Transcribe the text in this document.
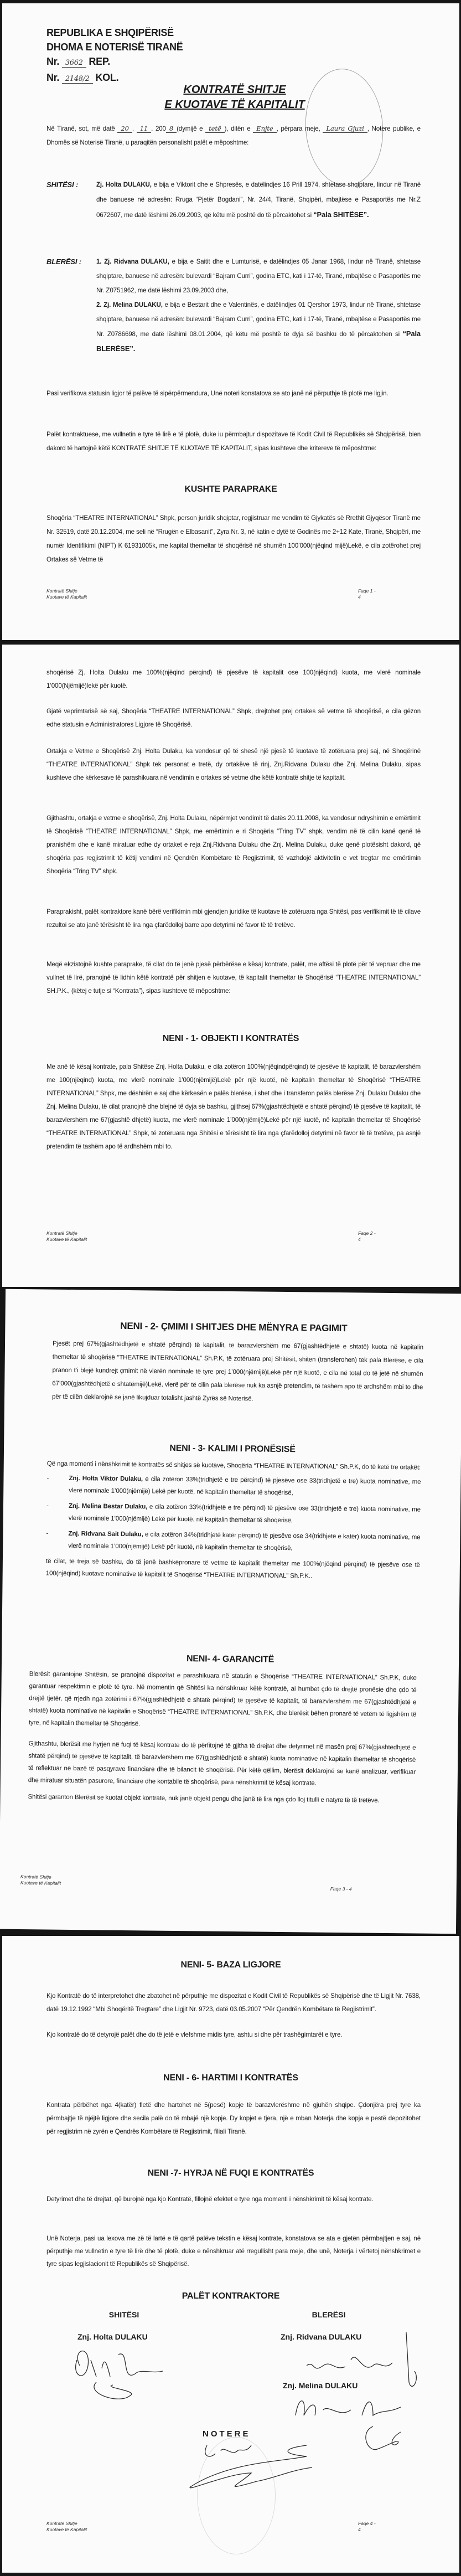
REPUBLIKA E SHQIPËRISË
DHOMA E NOTERISË TIRANË
Nr. 3662 REP.
Nr. 2148/2 KOL.
KONTRATË SHITJE
E KUOTAVE TË KAPITALIT
Në Tiranë, sot, më datë 20 . 11 . 200 8 (dymijë e tetë ), ditën e Enjte , përpara meje, Laura Gjuzi , Notere publike, e Dhomës së Noterisë Tiranë, u paraqitën personalisht palët e mëposhtme:
SHITËSI :	Zj. Holta DULAKU, e bija e Viktorit dhe e Shpresës, e datëlindjes 16 Prill 1974, shtetase shqiptare, lindur në Tiranë dhe banuese në adresën: Rruga “Pjetër Bogdani”, Nr. 24/4, Tiranë, Shqipëri, mbajtëse e Pasaportës me Nr.Z 0672607, me datë lëshimi 26.09.2003, që këtu më poshtë do të përcaktohet si “Pala SHITËSE”.

BLERËSI :	1. Zj. Ridvana DULAKU, e bija e Saitit dhe e Lumturisë, e datëlindjes 05 Janar 1968, lindur në Tiranë, shtetase shqiptare, banuese në adresën: bulevardi “Bajram Curri”, godina ETC, kati i 17-të, Tiranë, mbajtëse e Pasaportës me Nr. Z0751962, me datë lëshimi 23.09.2003 dhe,

2. Zj. Melina DULAKU, e bija e Bestarit dhe e Valentinës, e datëlindjes 01 Qershor 1973, lindur në Tiranë, shtetase shqiptare, banuese në adresën: bulevardi “Bajram Curri”, godina ETC, kati i 17-të, Tiranë, mbajtëse e Pasaportës me Nr. Z0786698, me datë lëshimi 08.01.2004, që këtu më poshtë të dyja së bashku do të përcaktohen si “Pala BLERËSE”.

Pasi verifikova statusin ligjor të palëve të sipërpërmendura, Unë noteri konstatova se ato janë në përputhje të plotë me ligjin.

Palët kontraktuese, me vullnetin e tyre të lirë e të plotë, duke iu përmbajtur dispozitave të Kodit Civil të Republikës së Shqipërisë, bien dakord të hartojnë këtë KONTRATË SHITJE TË KUOTAVE TË KAPITALIT, sipas kushteve dhe kritereve të mëposhtme:

KUSHTE PARAPRAKE

Shoqëria “THEATRE INTERNATIONAL” Shpk, person juridik shqiptar, regjistruar me vendim të Gjykatës së Rrethit Gjyqësor Tiranë me Nr. 32519, datë 20.12.2004, me seli në “Rrugën e Elbasanit”, Zyra Nr. 3, në katin e dytë të Godinës me 2+12 Kate, Tiranë, Shqipëri, me numër Identifikimi (NIPT) K 61931005k, me kapital themeltar të shoqërisë në shumën 100’000(njëqind mijë)Lekë, e cila zotërohet prej Ortakes së Vetme të

Kontratë Shitje
Kuotave të Kapitalit
Faqe 1 - 4

shoqërisë Zj. Holta Dulaku me 100%(njëqind përqind) të pjesëve të kapitalit ose 100(njëqind) kuota, me vlerë nominale 1’000(Njëmijë)lekë për kuotë.

Gjatë veprimtarisë së saj, Shoqëria “THEATRE INTERNATIONAL” Shpk, drejtohet prej ortakes së vetme të shoqërisë, e cila gëzon edhe statusin e Administratores Ligjore të Shoqërisë.

Ortakja e Vetme e Shoqërisë Znj. Holta Dulaku, ka vendosur që të shesë një pjesë të kuotave të zotëruara prej saj, në Shoqërinë “THEATRE INTERNATIONAL” Shpk tek personat e tretë, dy ortakëve të rinj, Znj.Ridvana Dulaku dhe Znj. Melina Dulaku, sipas kushteve dhe kërkesave të parashikuara në vendimin e ortakes së vetme dhe këtë kontratë shitje të kapitalit.

Gjithashtu, ortakja e vetme e shoqërisë, Znj. Holta Dulaku, nëpërmjet vendimit të datës 20.11.2008, ka vendosur ndryshimin e emërtimit të Shoqërisë “THEATRE INTERNATIONAL” Shpk, me emërtimin e ri Shoqëria “Tring TV” shpk, vendim në të cilin kanë qenë të pranishëm dhe e kanë miratuar edhe dy ortaket e reja Znj.Ridvana Dulaku dhe Znj. Melina Dulaku, duke qenë plotësisht dakord, që shoqëria pas regjistrimit të këtij vendimi në Qendrën Kombëtare të Regjistrimit, të vazhdojë aktivitetin e vet tregtar me emërtimin Shoqëria “Tring TV” shpk.

Paraprakisht, palët kontraktore kanë bërë verifikimin mbi gjendjen juridike të kuotave të zotëruara nga Shitësi, pas verifikimit të të cilave rezultoi se ato janë tërësisht të lira nga çfarëdolloj barre apo detyrimi në favor të të tretëve.

Meqë ekzistojnë kushte paraprake, të cilat do të jenë pjesë përbërëse e kësaj kontrate, palët, me aftësi të plotë për të vepruar dhe me vullnet të lirë, pranojnë të lidhin këtë kontratë për shitjen e kuotave, të kapitalit themeltar të Shoqërisë “THEATRE INTERNATIONAL” SH.P.K., (këtej e tutje si “Kontrata”), sipas kushteve të mëposhtme:

NENI - 1- OBJEKTI I KONTRATËS

Me anë të kësaj kontrate, pala Shitëse Znj. Holta Dulaku, e cila zotëron 100%(njëqindpërqind) të pjesëve të kapitalit, të barazvlershëm me 100(njëqind) kuota, me vlerë nominale 1’000(njëmijë)Lekë për një kuotë, në kapitalin themeltar të Shoqërisë “THEATRE INTERNATIONAL” Shpk, me dëshirën e saj dhe kërkesën e palës blerëse, i shet dhe i transferon palës blerëse Znj. Dulaku Dulaku dhe Znj. Melina Dulaku, të cilat pranojnë dhe blejnë të dyja së bashku, gjithsej 67%(gjashtëdhjetë e shtatë përqind) të pjesëve të kapitalit, të barazvlershëm me 67(gjashtë dhjetë) kuota, me vlerë nominale 1’000(njëmijë)Lekë për një kuotë, në kapitalin themeltar të Shoqërisë “THEATRE INTERNATIONAL” Shpk, të zotëruara nga Shitësi e tërësisht të lira nga çfarëdolloj detyrimi në favor të të tretëve, pa asnjë pretendim të tashëm apo të ardhshëm mbi to.

Kontratë Shitje
Kuotave të Kapitalit
Faqe 2 - 4
NENI - 2- ÇMIMI I SHITJES DHE MËNYRA E PAGIMIT

Pjesët prej 67%(gjashtëdhjetë e shtatë përqind) të kapitalit, të barazvlershëm me 67(gjashtëdhjetë e shtatë) kuota në kapitalin themeltar të shoqërisë “THEATRE INTERNATIONAL” Sh.P.K, të zotëruara prej Shitësit, shiten (transferohen) tek pala Blerëse, e cila pranon t’i blejë kundrejt çmimit në vlerën nominale të tyre prej 1’000(njëmijë)Lekë për një kuotë, e cila në total do të jetë në shumën 67’000(gjashtëdhjetë e shtatëmijë)Lekë, vlerë për të cilin pala blerëse nuk ka asnjë pretendim, të tashëm apo të ardhshëm mbi to dhe për të cilën deklarojnë se janë likujduar totalisht jashtë Zyrës së Noterisë.

NENI - 3- KALIMI I PRONËSISË

Që nga momenti i nënshkrimit të kontratës së shitjes së kuotave, Shoqëria “THEATRE INTERNATIONAL” Sh.P.K, do të ketë tre ortakët:

-	Znj. Holta Viktor Dulaku, e cila zotëron 33%(tridhjetë e tre përqind) të pjesëve ose 33(tridhjetë e tre) kuota nominative, me vlerë nominale 1’000(njëmijë) Lekë për kuotë, në kapitalin themeltar të shoqërisë,
-	Znj. Melina Bestar Dulaku, e cila zotëron 33%(tridhjetë e tre përqind) të pjesëve ose 33(tridhjetë e tre) kuota nominative, me vlerë nominale 1’000(njëmijë) Lekë për kuotë, në kapitalin themeltar të shoqërisë,
-	Znj. Ridvana Sait Dulaku, e cila zotëron 34%(tridhjetë katër përqind) të pjesëve ose 34(tridhjetë e katër) kuota nominative, me vlerë nominale 1’000(njëmijë) Lekë për kuotë, në kapitalin themeltar të shoqërisë,

të cilat, të treja së bashku, do të jenë bashkëpronare të vetme të kapitalit themeltar me 100%(njëqind përqind) të pjesëve ose të 100(njëqind) kuotave nominative të kapitalit të Shoqërisë “THEATRE INTERNATIONAL” Sh.P.K..

NENI- 4- GARANCITË

Blerësit garantojnë Shitësin, se pranojnë dispozitat e parashikuara në statutin e Shoqërisë “THEATRE INTERNATIONAL” Sh.P.K, duke garantuar respektimin e plotë të tyre. Në momentin që Shitësi ka nënshkruar këtë kontratë, ai humbet çdo të drejtë pronësie dhe çdo të drejtë tjetër, që rrjedh nga zotërimi i 67%(gjashtëdhjetë e shtatë përqind) të pjesëve të kapitalit, të barazvlershëm me 67(gjashtëdhjetë e shtatë) kuota nominative në kapitalin e Shoqërisë “THEATRE INTERNATIONAL” Sh.P.K, dhe blerësit bëhen pronarë të vetëm të ligjshëm të tyre, në kapitalin themeltar të Shoqërisë.

Gjithashtu, blerësit me hyrjen në fuqi të kësaj kontrate do të përfitojnë të gjitha të drejtat dhe detyrimet në masën prej 67%(gjashtëdhjetë e shtatë përqind) të pjesëve të kapitalit, të barazvlershëm me 67(gjashtëdhjetë e shtatë) kuota nominative në kapitalin themeltar të shoqërisë të reflektuar në bazë të pasqyrave financiare dhe të bilancit të shoqërisë. Për këtë qëllim, blerësit deklarojnë se kanë analizuar, verifikuar dhe miratuar situatën pasurore, financiare dhe kontabile të shoqërisë, para nënshkrimit të kësaj kontrate.

Shitësi garanton Blerësit se kuotat objekt kontrate, nuk janë objekt pengu dhe janë të lira nga çdo lloj titulli e natyre të të tretëve.

Kontratë Shitje
Kuotave të Kapitalit
Faqe 3 - 4
NENI- 5- BAZA LIGJORE

Kjo Kontratë do të interpretohet dhe zbatohet në përputhje me dispozitat e Kodit Civil të Republikës së Shqipërisë dhe të Ligjit Nr. 7638, datë 19.12.1992 “Mbi Shoqëritë Tregtare” dhe Ligjit Nr. 9723, datë 03.05.2007 “Për Qendrën Kombëtare të Regjistrimit”.

Kjo kontratë do të detyrojë palët dhe do të jetë e vlefshme midis tyre, ashtu si dhe për trashëgimtarët e tyre.

NENI - 6- HARTIMI I KONTRATËS

Kontrata përbëhet nga 4(katër) fletë dhe hartohet në 5(pesë) kopje të barazvlerëshme në gjuhën shqipe. Çdonjëra prej tyre ka përmbajtje të njëjtë ligjore dhe secila palë do të mbajë një kopje. Dy kopjet e tjera, një e mban Noterja dhe kopja e pestë depozitohet për regjistrim në zyrën e Qendrës Kombëtare të Regjistrimit, filiali Tiranë.

NENI -7- HYRJA NË FUQI E KONTRATËS

Detyrimet dhe të drejtat, që burojnë nga kjo Kontratë, fillojnë efektet e tyre nga momenti i nënshkrimit të kësaj kontrate.

Unë Noterja, pasi ua lexova me zë të lartë e të qartë palëve tekstin e kësaj kontrate, konstatova se ata e gjetën përmbajtjen e saj, në përputhje me vullnetin e tyre të lirë dhe të plotë, duke e nënshkruar atë rregullisht para meje, dhe unë, Noterja i vërtetoj nënshkrimet e tyre sipas legjislacionit të Republikës së Shqipërisë.

PALËT KONTRAKTORE
SHITËSI	BLERËSI
Znj. Holta DULAKU	Znj. Ridvana DULAKU
Znj. Melina DULAKU
NOTERE
Kontratë Shitje
Kuotave të Kapitalit
Faqe 4 - 4
